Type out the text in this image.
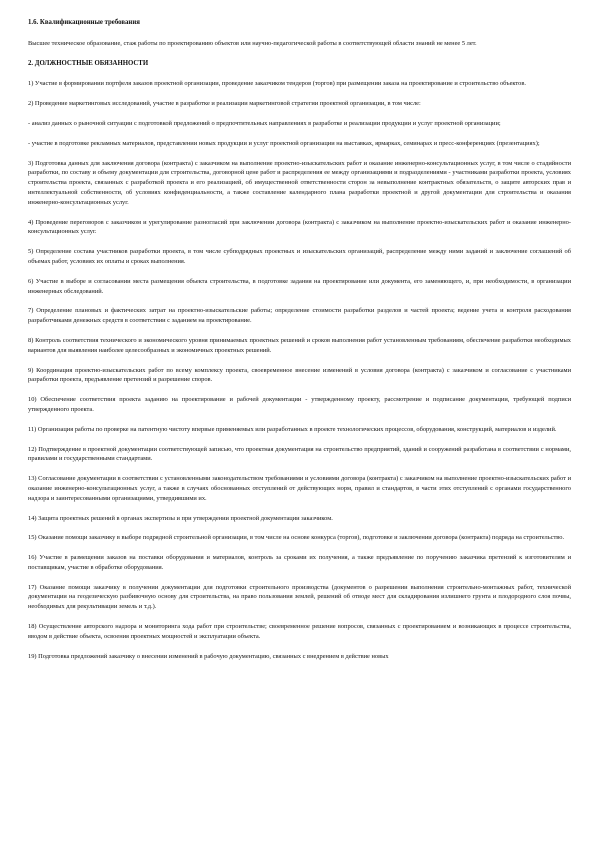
1.6. Квалификационные требования
Высшее техническое образование, стаж работы по проектированию объектов или научно-педагогической работы в соответствующей области знаний не менее 5 лет.
2. ДОЛЖНОСТНЫЕ ОБЯЗАННОСТИ
1) Участие в формировании портфеля заказов проектной организации, проведение заказчиком тендеров (торгов) при размещении заказа на проектирование и строительство объектов.
2) Проведение маркетинговых исследований, участие в разработке и реализации маркетинговой стратегии проектной организации, в том числе:
- анализ данных о рыночной ситуации с подготовкой предложений о предпочтительных направлениях в разработке и реализации продукции и услуг проектной организации;
- участие в подготовке рекламных материалов, представлении новых продукции и услуг проектной организации на выставках, ярмарках, семинарах и пресс-конференциях (презентациях);
3) Подготовка данных для заключения договора (контракта) с заказчиком на выполнение проектно-изыскательских работ и оказание инженерно-консультационных услуг, в том числе о стадийности разработки, по составу и объему документации для строительства, договорной цене работ и распределения ее между организациями и подразделениями - участниками разработки проекта, условиях строительства проекта, связанных с разработкой проекта и его реализацией, об имущественной ответственности сторон за невыполнение контрактных обязательств, о защите авторских прав и интеллектуальной собственности, об условиях конфиденциальности, а также составление календарного плана разработки проектной и другой документации для строительства и оказания инженерно-консультационных услуг.
4) Проведение переговоров с заказчиком и урегулирование разногласий при заключении договора (контракта) с заказчиком на выполнение проектно-изыскательских работ и оказание инженерно-консультационных услуг.
5) Определение состава участников разработки проекта, в том числе субподрядных проектных и изыскательских организаций, распределение между ними заданий и заключение соглашений об объемах работ, условиях их оплаты и сроках выполнения.
6) Участие в выборе и согласовании места размещения объекта строительства, в подготовке задания на проектирование или документа, его заменяющего, и, при необходимости, в организации инженерных обследований.
7) Определение плановых и фактических затрат на проектно-изыскательские работы; определение стоимости разработки разделов и частей проекта; ведение учета и контроля расходования разработчиками денежных средств в соответствии с заданием на проектирование.
8) Контроль соответствия технического и экономического уровня принимаемых проектных решений и сроков выполнения работ установленным требованиям, обеспечение разработки необходимых вариантов для выявления наиболее целесообразных и экономичных проектных решений.
9) Координация проектно-изыскательских работ по всему комплексу проекта, своевременное внесение изменений в условия договора (контракта) с заказчиком и согласование с участниками разработки проекта, предъявление претензий и разрешение споров.
10) Обеспечение соответствия проекта заданию на проектирование и рабочей документации - утвержденному проекту, рассмотрение и подписание документации, требующей подписи утвержденного проекта.
11) Организация работы по проверке на патентную чистоту впервые применяемых или разработанных в проекте технологических процессов, оборудования, конструкций, материалов и изделий.
12) Подтверждение в проектной документации соответствующей записью, что проектная документация на строительство предприятий, зданий и сооружений разработана в соответствии с нормами, правилами и государственными стандартами.
13) Согласование документации в соответствии с установленными законодательством требованиями и условиями договора (контракта) с заказчиком на выполнение проектно-изыскательских работ и оказание инженерно-консультационных услуг, а также в случаях обоснованных отступлений от действующих норм, правил и стандартов, в части этих отступлений с органами государственного надзора и заинтересованными организациями, утвердившими их.
14) Защита проектных решений в органах экспертизы и при утверждении проектной документации заказчиком.
15) Оказание помощи заказчику в выборе подрядной строительной организации, в том числе на основе конкурса (торгов), подготовке и заключении договора (контракта) подряда на строительство.
16) Участие в размещении заказов на поставки оборудования и материалов, контроль за сроками их получения, а также предъявление по поручению заказчика претензий к изготовителям и поставщикам, участие в обработке оборудования.
17) Оказание помощи заказчику в получении документации для подготовки строительного производства (документов о разрешении выполнения строительно-монтажных работ, технической документации на геодезическую разбивочную основу для строительства, на право пользования землей, решений об отводе мест для складирования излишнего грунта и плодородного слоя почвы, необходимых для рекультивации земель и т.д.).
18) Осуществление авторского надзора и мониторинга хода работ при строительстве; своевременное решение вопросов, связанных с проектированием и возникающих в процессе строительства, вводом в действие объекта, освоения проектных мощностей и эксплуатации объекта.
19) Подготовка предложений заказчику о внесении изменений в рабочую документацию, связанных с внедрением в действие новых
